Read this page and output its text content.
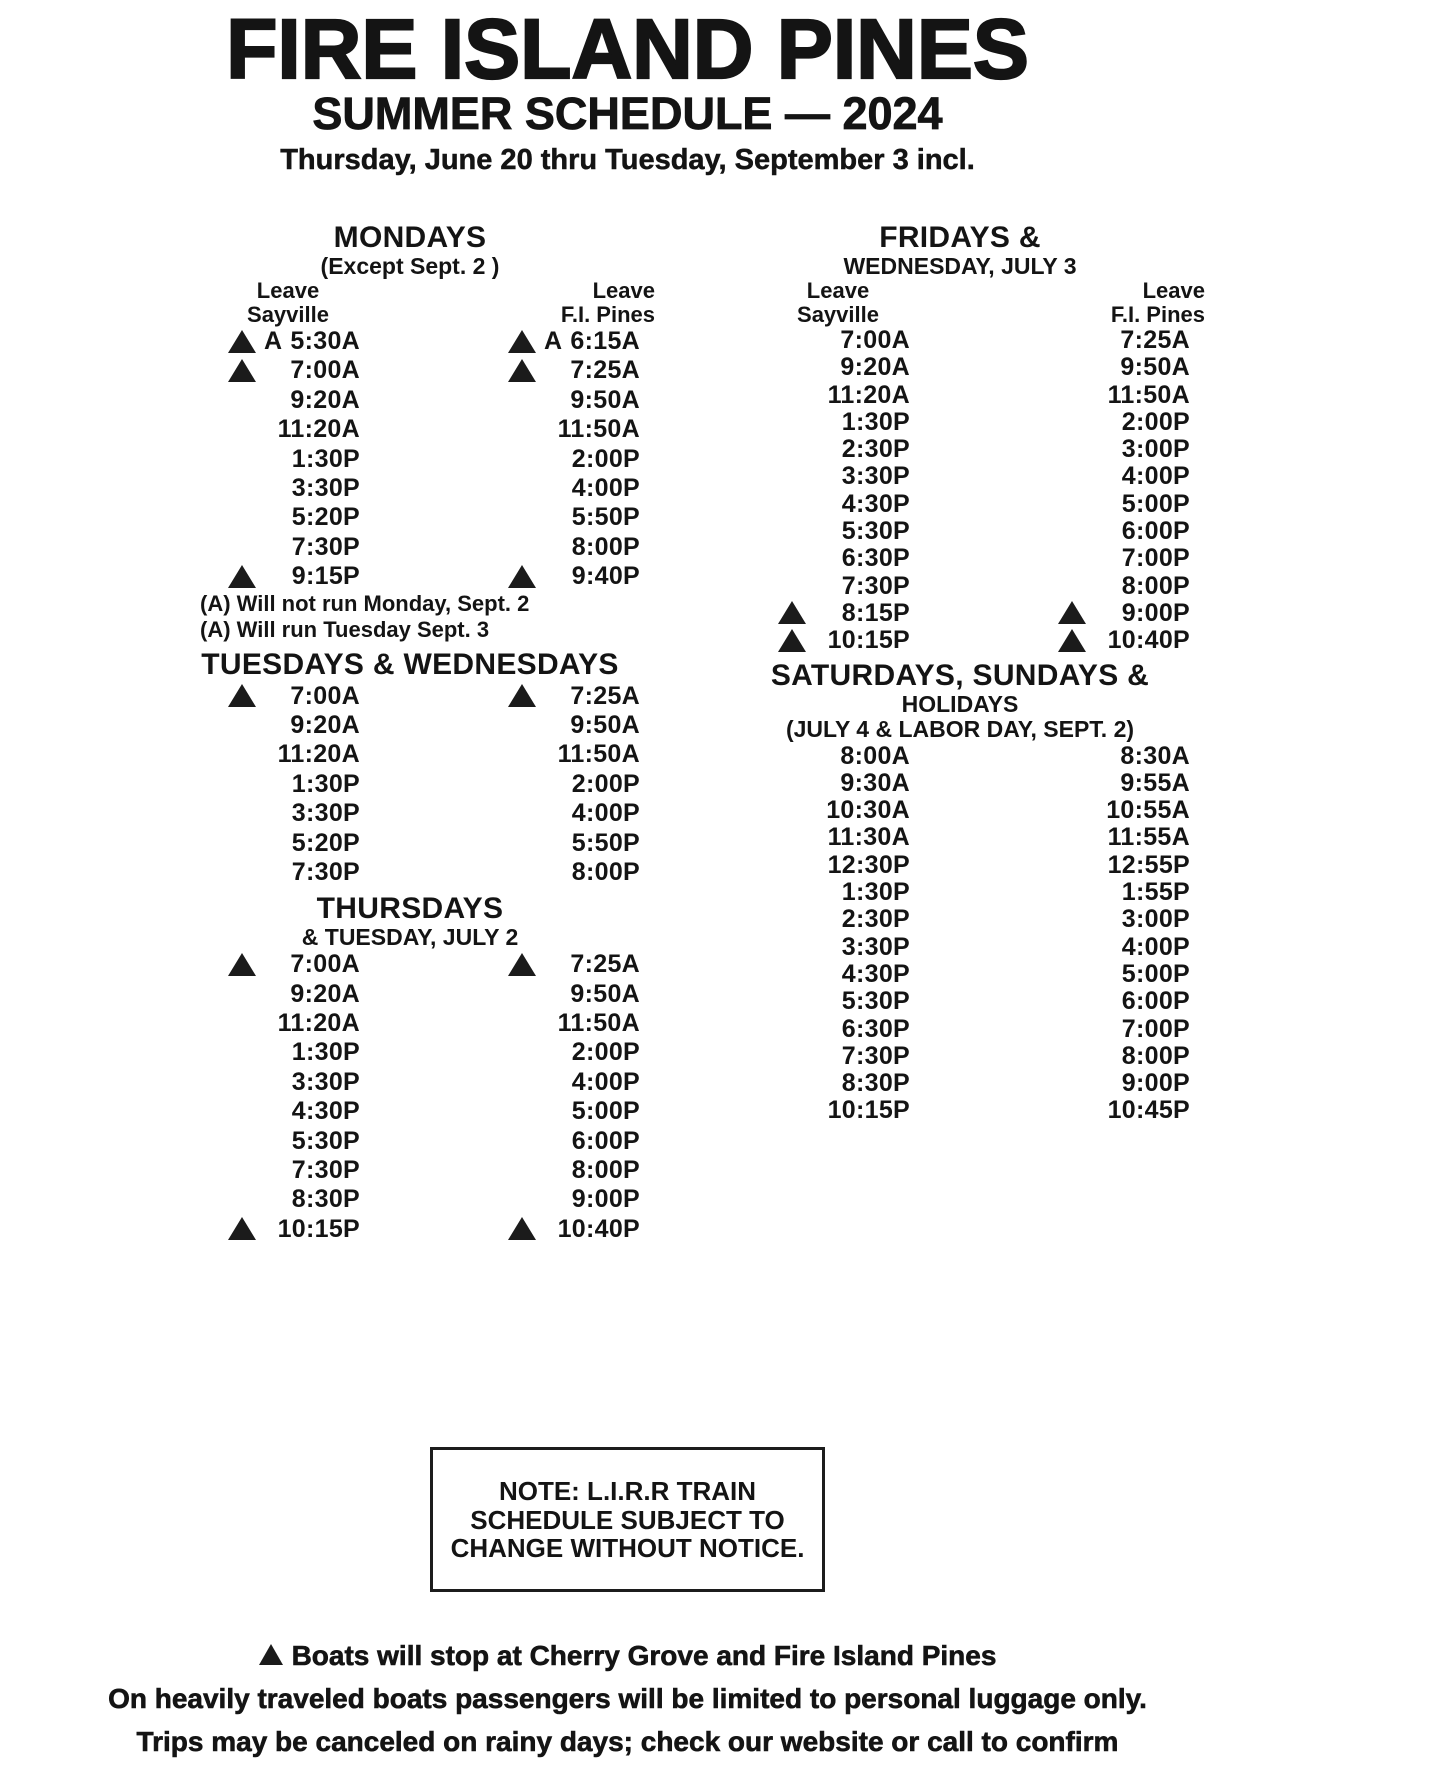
FIRE ISLAND PINES
SUMMER SCHEDULE — 2024
Thursday, June 20 thru Tuesday, September 3 incl.
MONDAYS
(Except Sept. 2 )
Leave
Sayville
Leave
F.I. Pines
A 5:30A	A 6:15A
7:00A	7:25A
9:20A	9:50A
11:20A	11:50A
1:30P	2:00P
3:30P	4:00P
5:20P	5:50P
7:30P	8:00P
9:15P	9:40P
(A) Will not run Monday, Sept. 2
(A) Will run Tuesday Sept. 3
TUESDAYS & WEDNESDAYS
7:00A	7:25A
9:20A	9:50A
11:20A	11:50A
1:30P	2:00P
3:30P	4:00P
5:20P	5:50P
7:30P	8:00P
THURSDAYS
& TUESDAY, JULY 2
7:00A	7:25A
9:20A	9:50A
11:20A	11:50A
1:30P	2:00P
3:30P	4:00P
4:30P	5:00P
5:30P	6:00P
7:30P	8:00P
8:30P	9:00P
10:15P	10:40P
FRIDAYS &
WEDNESDAY, JULY 3
Leave
Sayville
Leave
F.I. Pines
7:00A	7:25A
9:20A	9:50A
11:20A	11:50A
1:30P	2:00P
2:30P	3:00P
3:30P	4:00P
4:30P	5:00P
5:30P	6:00P
6:30P	7:00P
7:30P	8:00P
8:15P	9:00P
10:15P	10:40P
SATURDAYS, SUNDAYS &
HOLIDAYS
(JULY 4 & LABOR DAY, SEPT. 2)
8:00A	8:30A
9:30A	9:55A
10:30A	10:55A
11:30A	11:55A
12:30P	12:55P
1:30P	1:55P
2:30P	3:00P
3:30P	4:00P
4:30P	5:00P
5:30P	6:00P
6:30P	7:00P
7:30P	8:00P
8:30P	9:00P
10:15P	10:45P
NOTE: L.I.R.R TRAIN
SCHEDULE SUBJECT TO
CHANGE WITHOUT NOTICE.
Boats will stop at Cherry Grove and Fire Island Pines
On heavily traveled boats passengers will be limited to personal luggage only.
Trips may be canceled on rainy days; check our website or call to confirm
